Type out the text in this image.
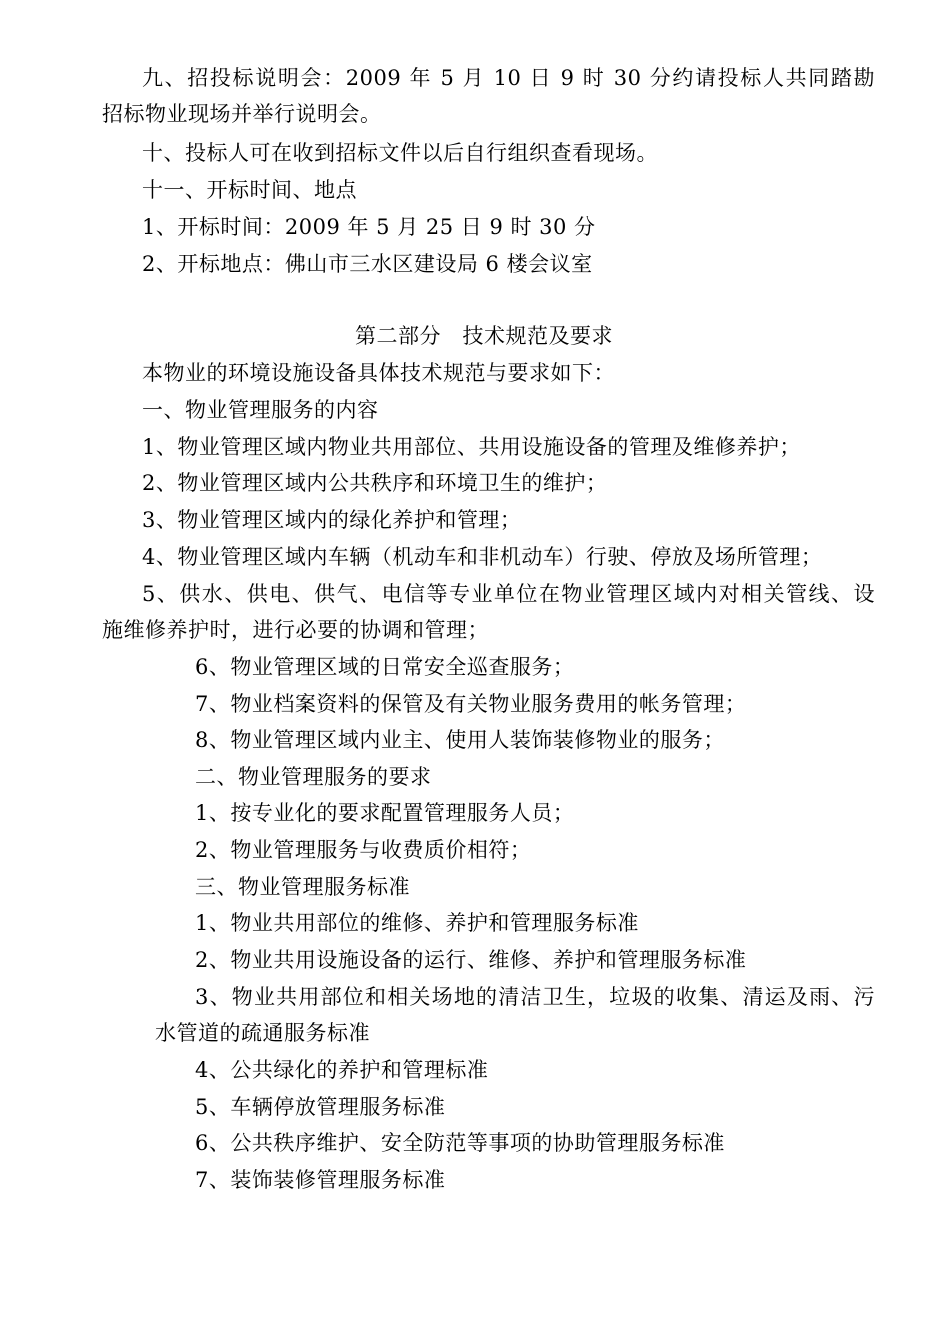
九、招投标说明会：2009 年 5 月 10 日 9 时 30 分约请投标人共同踏勘
招标物业现场并举行说明会。
十、投标人可在收到招标文件以后自行组织查看现场。
十一、开标时间、地点
1、开标时间：2009 年 5 月 25 日 9 时 30 分
2、开标地点：佛山市三水区建设局 6 楼会议室
第二部分　技术规范及要求
本物业的环境设施设备具体技术规范与要求如下：
一、物业管理服务的内容
1、物业管理区域内物业共用部位、共用设施设备的管理及维修养护；
2、物业管理区域内公共秩序和环境卫生的维护；
3、物业管理区域内的绿化养护和管理；
4、物业管理区域内车辆（机动车和非机动车）行驶、停放及场所管理；
5、供水、供电、供气、电信等专业单位在物业管理区域内对相关管线、设
施维修养护时，进行必要的协调和管理；
6、物业管理区域的日常安全巡查服务；
7、物业档案资料的保管及有关物业服务费用的帐务管理；
8、物业管理区域内业主、使用人装饰装修物业的服务；
二、物业管理服务的要求
1、按专业化的要求配置管理服务人员；
2、物业管理服务与收费质价相符；
三、物业管理服务标准
1、物业共用部位的维修、养护和管理服务标准
2、物业共用设施设备的运行、维修、养护和管理服务标准
3、物业共用部位和相关场地的清洁卫生，垃圾的收集、清运及雨、污
水管道的疏通服务标准
4、公共绿化的养护和管理标准
5、车辆停放管理服务标准
6、公共秩序维护、安全防范等事项的协助管理服务标准
7、装饰装修管理服务标准
